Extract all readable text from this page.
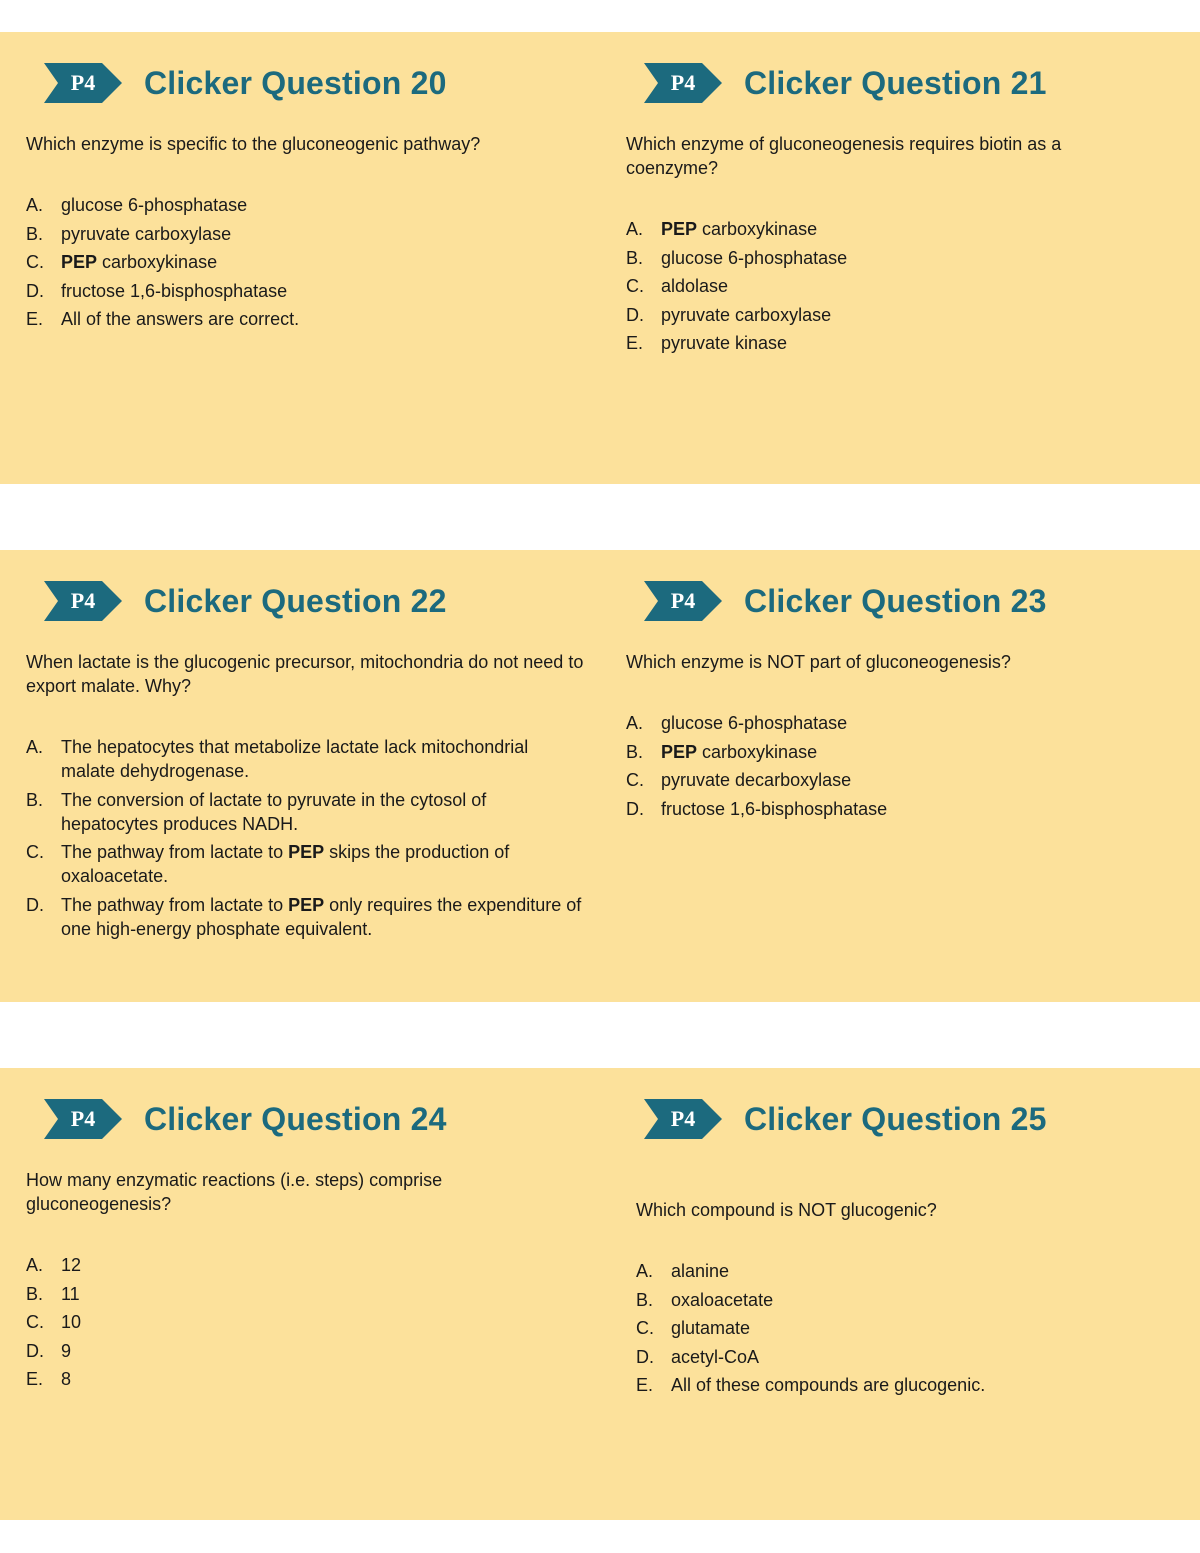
P4	Clicker Question 20
Which enzyme is specific to the gluconeogenic pathway?
A. glucose 6-phosphatase
B. pyruvate carboxylase
C. PEP carboxykinase
D. fructose 1,6-bisphosphatase
E. All of the answers are correct.
P4	Clicker Question 21
Which enzyme of gluconeogenesis requires biotin as a coenzyme?
A. PEP carboxykinase
B. glucose 6-phosphatase
C. aldolase
D. pyruvate carboxylase
E. pyruvate kinase
P4	Clicker Question 22
When lactate is the glucogenic precursor, mitochondria do not need to export malate. Why?
A. The hepatocytes that metabolize lactate lack mitochondrial malate dehydrogenase.
B. The conversion of lactate to pyruvate in the cytosol of hepatocytes produces NADH.
C. The pathway from lactate to PEP skips the production of oxaloacetate.
D. The pathway from lactate to PEP only requires the expenditure of one high-energy phosphate equivalent.
P4	Clicker Question 23
Which enzyme is NOT part of gluconeogenesis?
A. glucose 6-phosphatase
B. PEP carboxykinase
C. pyruvate decarboxylase
D. fructose 1,6-bisphosphatase
P4	Clicker Question 24
How many enzymatic reactions (i.e. steps) comprise gluconeogenesis?
A. 12
B. 11
C. 10
D. 9
E. 8
P4	Clicker Question 25
Which compound is NOT glucogenic?
A. alanine
B. oxaloacetate
C. glutamate
D. acetyl-CoA
E. All of these compounds are glucogenic.
